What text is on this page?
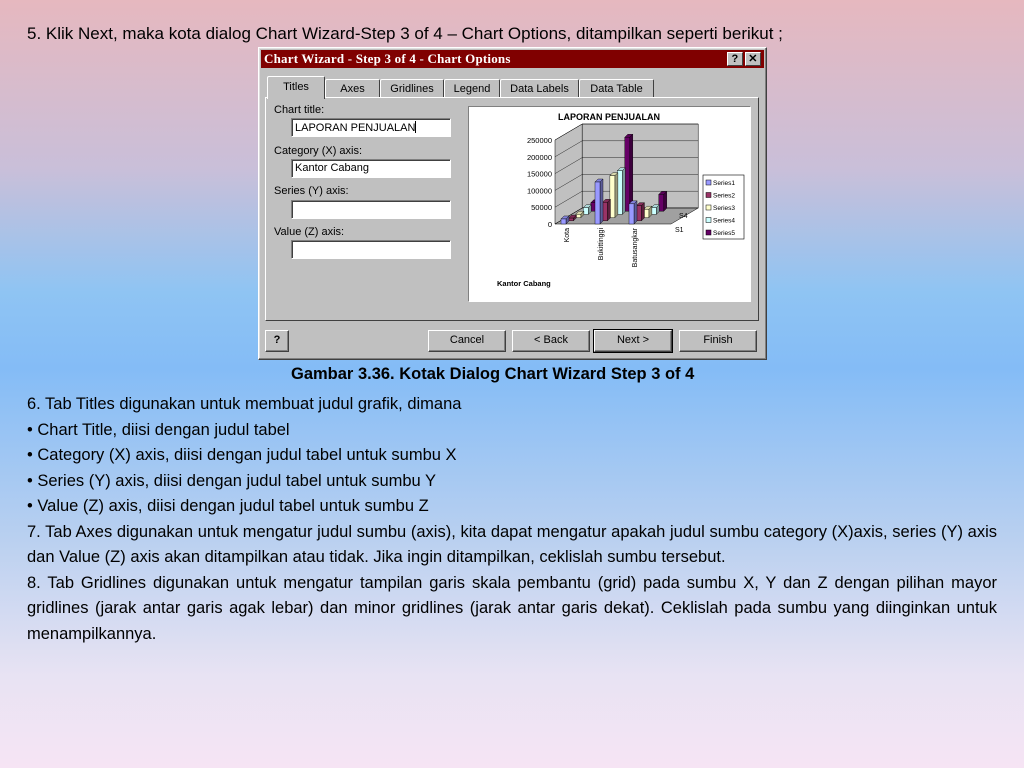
5. Klik Next, maka kota dialog Chart Wizard-Step 3 of 4 – Chart Options, ditampilkan seperti berikut ;
Chart Wizard - Step 3 of 4 - Chart Options	? ✕
Titles	Axes	Gridlines	Legend	Data Labels	Data Table
Chart title:
LAPORAN PENJUALAN
Category (X) axis:
Kantor Cabang
Series (Y) axis:
Value (Z) axis:
LAPORAN PENJUALAN
0
50000
100000
150000
200000
250000
Kota	Bukittinggi	Batusangkar
S4
S1
Kantor Cabang
Series1
Series2
Series3
Series4
Series5
?	Cancel	< Back	Next >	Finish
Gambar 3.36. Kotak Dialog Chart Wizard Step 3 of 4

6. Tab Titles digunakan untuk membuat judul grafik, dimana

• Chart Title, diisi dengan judul tabel

• Category (X) axis, diisi dengan judul tabel untuk sumbu X

• Series (Y) axis, diisi dengan judul tabel untuk sumbu Y

• Value (Z) axis, diisi dengan judul tabel untuk sumbu Z

7. Tab Axes digunakan untuk mengatur judul sumbu (axis), kita dapat mengatur apakah judul sumbu category (X)axis, series (Y) axis dan Value (Z) axis akan ditampilkan atau tidak. Jika ingin ditampilkan, ceklislah sumbu tersebut.

8. Tab Gridlines digunakan untuk mengatur tampilan garis skala pembantu (grid) pada sumbu X, Y dan Z dengan pilihan mayor gridlines (jarak antar garis agak lebar) dan minor gridlines (jarak antar garis dekat). Ceklislah pada sumbu yang diinginkan untuk menampilkannya.
